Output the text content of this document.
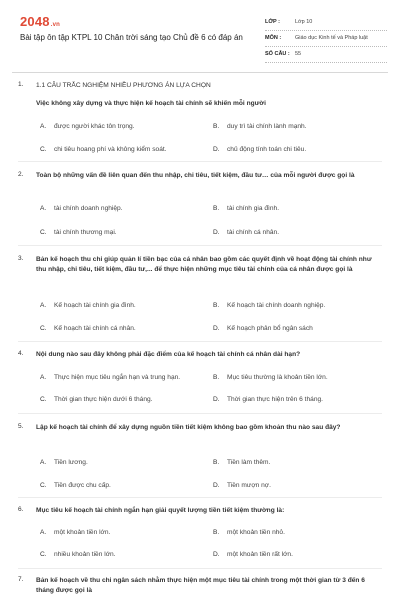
2048.vn
Bài tập ôn tập KTPL 10 Chân trời sáng tạo Chủ đề 6 có đáp án
LỚP :	Lớp 10
MÔN :	Giáo dục Kinh tế và Pháp luật
SỐ CÂU : 55
1. 1.1 CÂU TRẮC NGHIỆM NHIỀU PHƯƠNG ÁN LỰA CHỌN
Việc không xây dựng và thực hiện kế hoạch tài chính sẽ khiến mỗi người
A. được người khác tôn trọng.	B. duy trì tài chính lành mạnh.
C. chi tiêu hoang phí và không kiểm soát.	D. chủ động tính toán chi tiêu.
2. Toàn bộ những vấn đề liên quan đến thu nhập, chi tiêu, tiết kiệm, đầu tư… của mỗi người được gọi là
A. tài chính doanh nghiệp.	B. tài chính gia đình.
C. tài chính thương mại.	D. tài chính cá nhân.
3. Bản kế hoạch thu chi giúp quản lí tiền bạc của cá nhân bao gồm các quyết định về hoạt động tài chính như thu nhập, chi tiêu, tiết kiệm, đầu tư,... để thực hiện những mục tiêu tài chính của cá nhân được gọi là
A. Kế hoạch tài chính gia đình.	B. Kế hoạch tài chính doanh nghiệp.
C. Kế hoạch tài chính cá nhân.	D. Kế hoạch phân bổ ngân sách
4. Nội dung nào sau đây không phải đặc điểm của kế hoạch tài chính cá nhân dài hạn?
A. Thực hiện mục tiêu ngắn hạn và trung hạn.	B. Mục tiêu thường là khoản tiền lớn.
C. Thời gian thực hiện dưới 6 tháng.	D. Thời gian thực hiện trên 6 tháng.
5. Lập kế hoạch tài chính để xây dựng nguồn tiền tiết kiệm không bao gồm khoản thu nào sau đây?
A. Tiền lương.	B. Tiền làm thêm.
C. Tiền được chu cấp.	D. Tiền mượn nợ.
6. Mục tiêu kế hoạch tài chính ngắn hạn giải quyết lượng tiền tiết kiệm thường là:
A. một khoản tiền lớn.	B. một khoản tiền nhỏ.
C. nhiều khoản tiền lớn.	D. một khoản tiền rất lớn.
7. Bản kế hoạch về thu chi ngân sách nhằm thực hiện một mục tiêu tài chính trong một thời gian từ 3 đến 6 tháng được gọi là
